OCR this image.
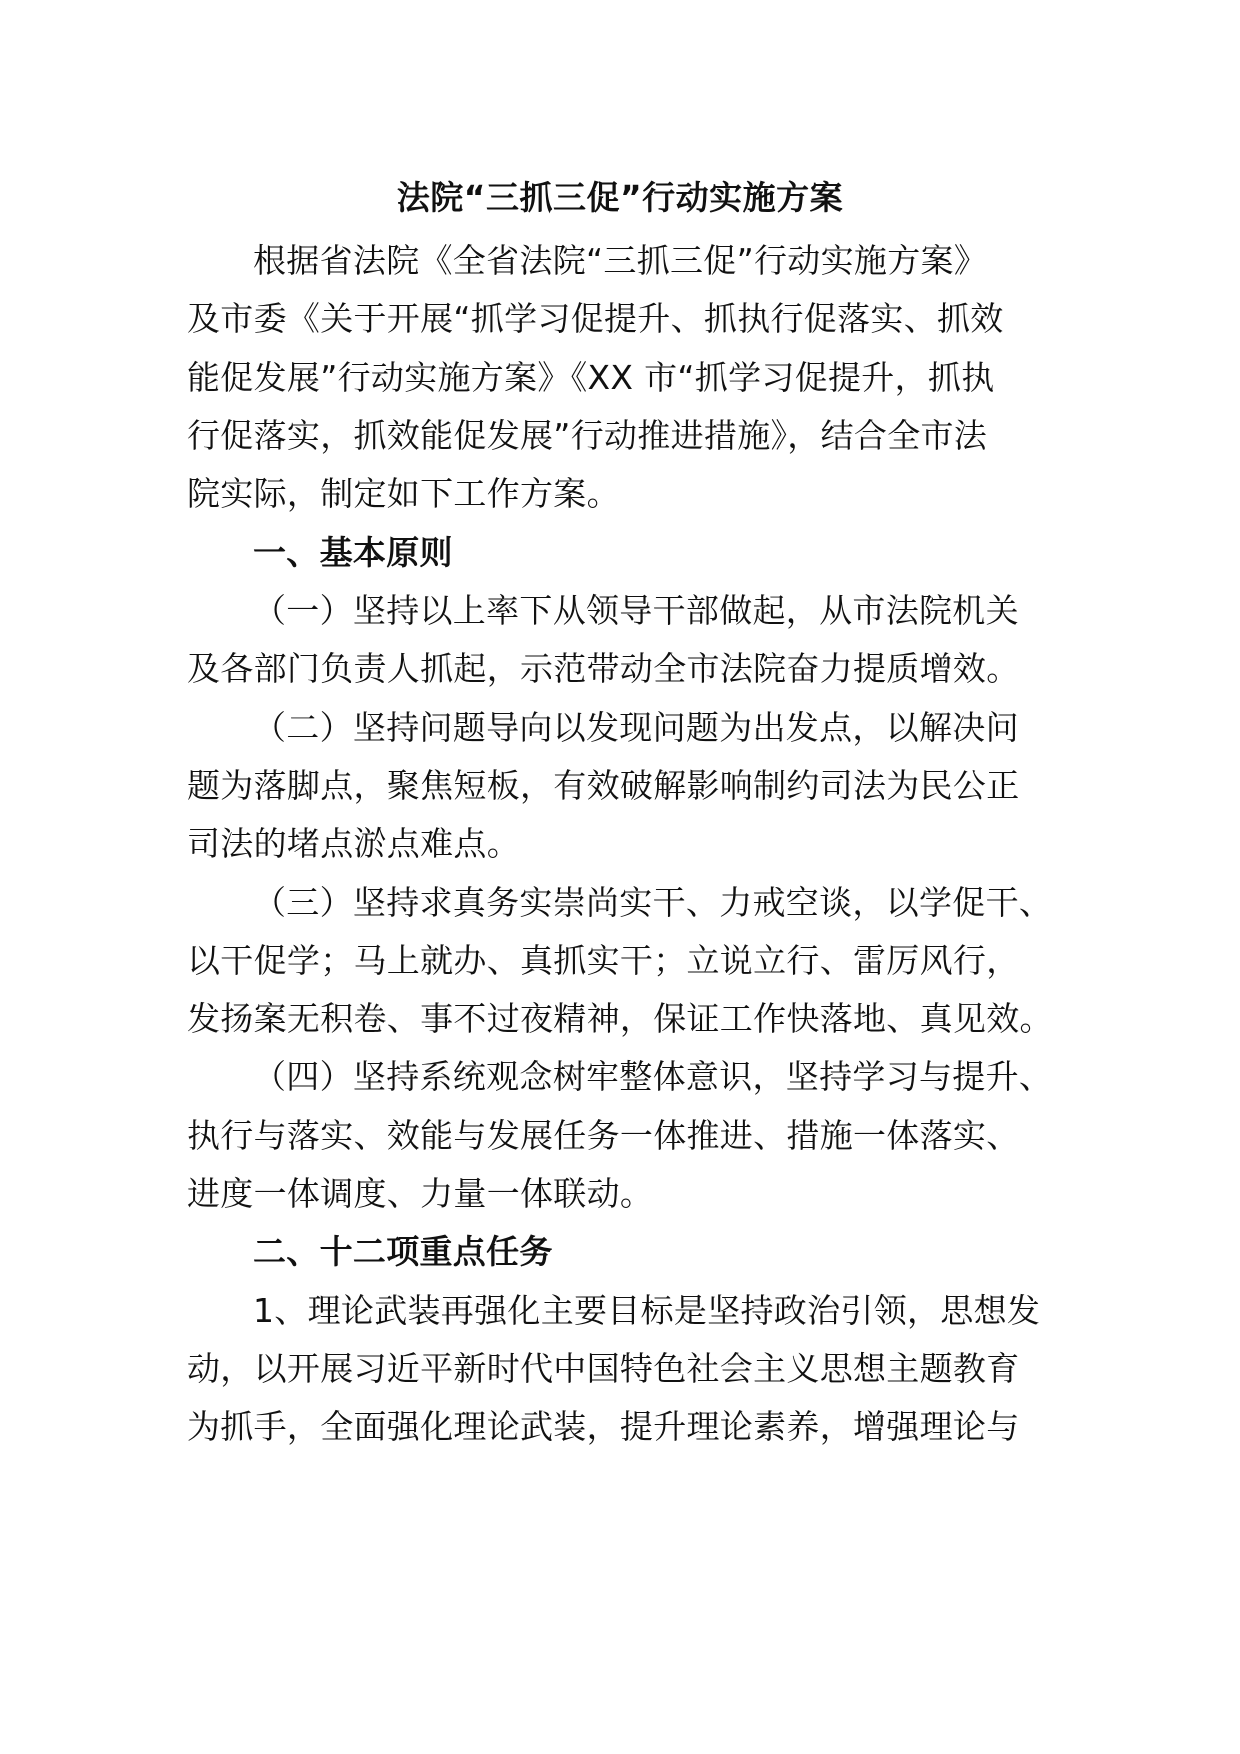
法院“三抓三促”行动实施方案
根据省法院《全省法院“三抓三促”行动实施方案》
及市委《关于开展“抓学习促提升、抓执行促落实、抓效
能促发展”行动实施方案》《XX 市“抓学习促提升，抓执
行促落实，抓效能促发展”行动推进措施》，结合全市法
院实际，制定如下工作方案。
一、基本原则
（一）坚持以上率下从领导干部做起，从市法院机关
及各部门负责人抓起，示范带动全市法院奋力提质增效。
（二）坚持问题导向以发现问题为出发点，以解决问
题为落脚点，聚焦短板，有效破解影响制约司法为民公正
司法的堵点淤点难点。
（三）坚持求真务实崇尚实干、力戒空谈，以学促干、
以干促学；马上就办、真抓实干；立说立行、雷厉风行，
发扬案无积卷、事不过夜精神，保证工作快落地、真见效。
（四）坚持系统观念树牢整体意识，坚持学习与提升、
执行与落实、效能与发展任务一体推进、措施一体落实、
进度一体调度、力量一体联动。
二、十二项重点任务
1、理论武装再强化主要目标是坚持政治引领，思想发
动，以开展习近平新时代中国特色社会主义思想主题教育
为抓手，全面强化理论武装，提升理论素养，增强理论与
